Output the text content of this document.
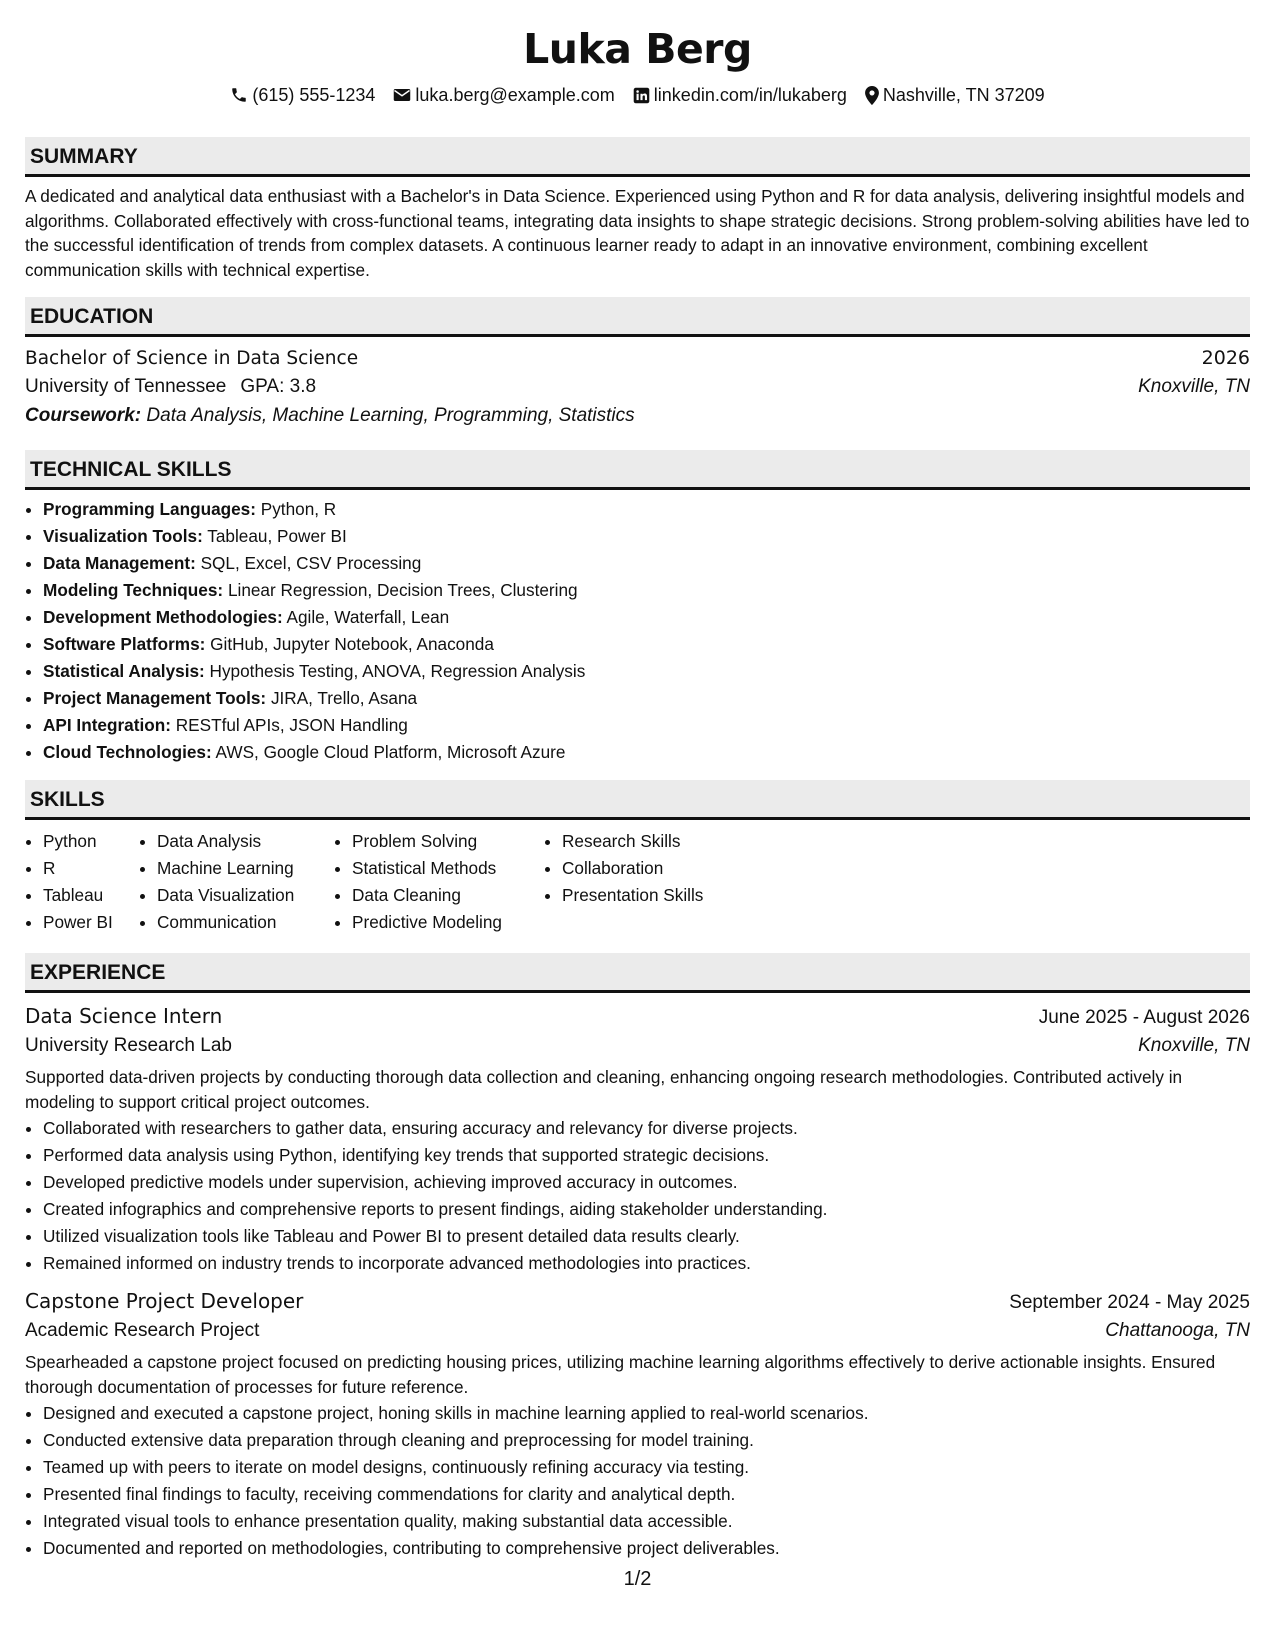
Luka Berg
(615) 555-1234 luka.berg@example.com linkedin.com/in/lukaberg Nashville, TN 37209
SUMMARY

A dedicated and analytical data enthusiast with a Bachelor's in Data Science. Experienced using Python and R for data analysis, delivering insightful models and algorithms. Collaborated effectively with cross-functional teams, integrating data insights to shape strategic decisions. Strong problem-solving abilities have led to the successful identification of trends from complex datasets. A continuous learner ready to adapt in an innovative environment, combining excellent communication skills with technical expertise.

EDUCATION
Bachelor of Science in Data Science	2026
University of Tennessee GPA: 3.8	Knoxville, TN
Coursework: Data Analysis, Machine Learning, Programming, Statistics
TECHNICAL SKILLS
• Programming Languages: Python, R
• Visualization Tools: Tableau, Power BI
• Data Management: SQL, Excel, CSV Processing
• Modeling Techniques: Linear Regression, Decision Trees, Clustering
• Development Methodologies: Agile, Waterfall, Lean
• Software Platforms: GitHub, Jupyter Notebook, Anaconda
• Statistical Analysis: Hypothesis Testing, ANOVA, Regression Analysis
• Project Management Tools: JIRA, Trello, Asana
• API Integration: RESTful APIs, JSON Handling
• Cloud Technologies: AWS, Google Cloud Platform, Microsoft Azure
SKILLS
• Python
• R
• Tableau
• Power BI
• Data Analysis
• Machine Learning
• Data Visualization
• Communication
• Problem Solving
• Statistical Methods
• Data Cleaning
• Predictive Modeling
• Research Skills
• Collaboration
• Presentation Skills
EXPERIENCE
Data Science Intern	June 2025 - August 2026
University Research Lab	Knoxville, TN

Supported data-driven projects by conducting thorough data collection and cleaning, enhancing ongoing research methodologies. Contributed actively in modeling to support critical project outcomes.

• Collaborated with researchers to gather data, ensuring accuracy and relevancy for diverse projects.
• Performed data analysis using Python, identifying key trends that supported strategic decisions.
• Developed predictive models under supervision, achieving improved accuracy in outcomes.
• Created infographics and comprehensive reports to present findings, aiding stakeholder understanding.
• Utilized visualization tools like Tableau and Power BI to present detailed data results clearly.
• Remained informed on industry trends to incorporate advanced methodologies into practices.
Capstone Project Developer	September 2024 - May 2025
Academic Research Project	Chattanooga, TN

Spearheaded a capstone project focused on predicting housing prices, utilizing machine learning algorithms effectively to derive actionable insights. Ensured thorough documentation of processes for future reference.

• Designed and executed a capstone project, honing skills in machine learning applied to real-world scenarios.
• Conducted extensive data preparation through cleaning and preprocessing for model training.
• Teamed up with peers to iterate on model designs, continuously refining accuracy via testing.
• Presented final findings to faculty, receiving commendations for clarity and analytical depth.
• Integrated visual tools to enhance presentation quality, making substantial data accessible.
• Documented and reported on methodologies, contributing to comprehensive project deliverables.
1/2
